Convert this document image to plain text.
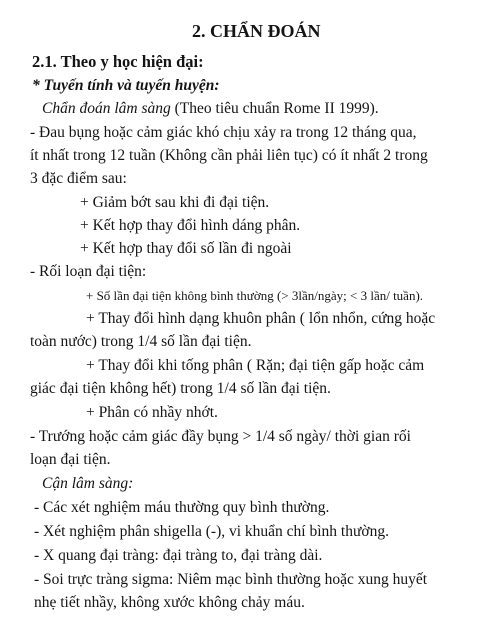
2. CHẨN ĐOÁN
2.1. Theo y học hiện đại:
* Tuyến tính và tuyến huyện:
Chẩn đoán lâm sàng (Theo tiêu chuẩn Rome II 1999).
- Đau bụng hoặc cảm giác khó chịu xảy ra trong 12 tháng qua,
ít nhất trong 12 tuần (Không cần phải liên tục) có ít nhất 2 trong
3 đặc điểm sau:
+ Giảm bớt sau khi đi đại tiện.
+ Kết hợp thay đổi hình dáng phân.
+ Kết hợp thay đổi số lần đi ngoài
- Rối loạn đại tiện:
+ Số lần đại tiện không bình thường (> 3lần/ngày; < 3 lần/ tuần).
+ Thay đổi hình dạng khuôn phân ( lổn nhổn, cứng hoặc
toàn nước) trong 1/4 số lần đại tiện.
+ Thay đổi khi tống phân ( Rặn; đại tiện gấp hoặc cảm
giác đại tiện không hết) trong 1/4 số lần đại tiện.
+ Phân có nhầy nhớt.
- Trướng hoặc cảm giác đầy bụng > 1/4 số ngày/ thời gian rối
loạn đại tiện.
Cận lâm sàng:
- Các xét nghiệm máu thường quy bình thường.
- Xét nghiệm phân shigella (-), vi khuẩn chí bình thường.
- X quang đại tràng: đại tràng to, đại tràng dài.
- Soi trực tràng sigma: Niêm mạc bình thường hoặc xung huyết
nhẹ tiết nhầy, không xước không chảy máu.
